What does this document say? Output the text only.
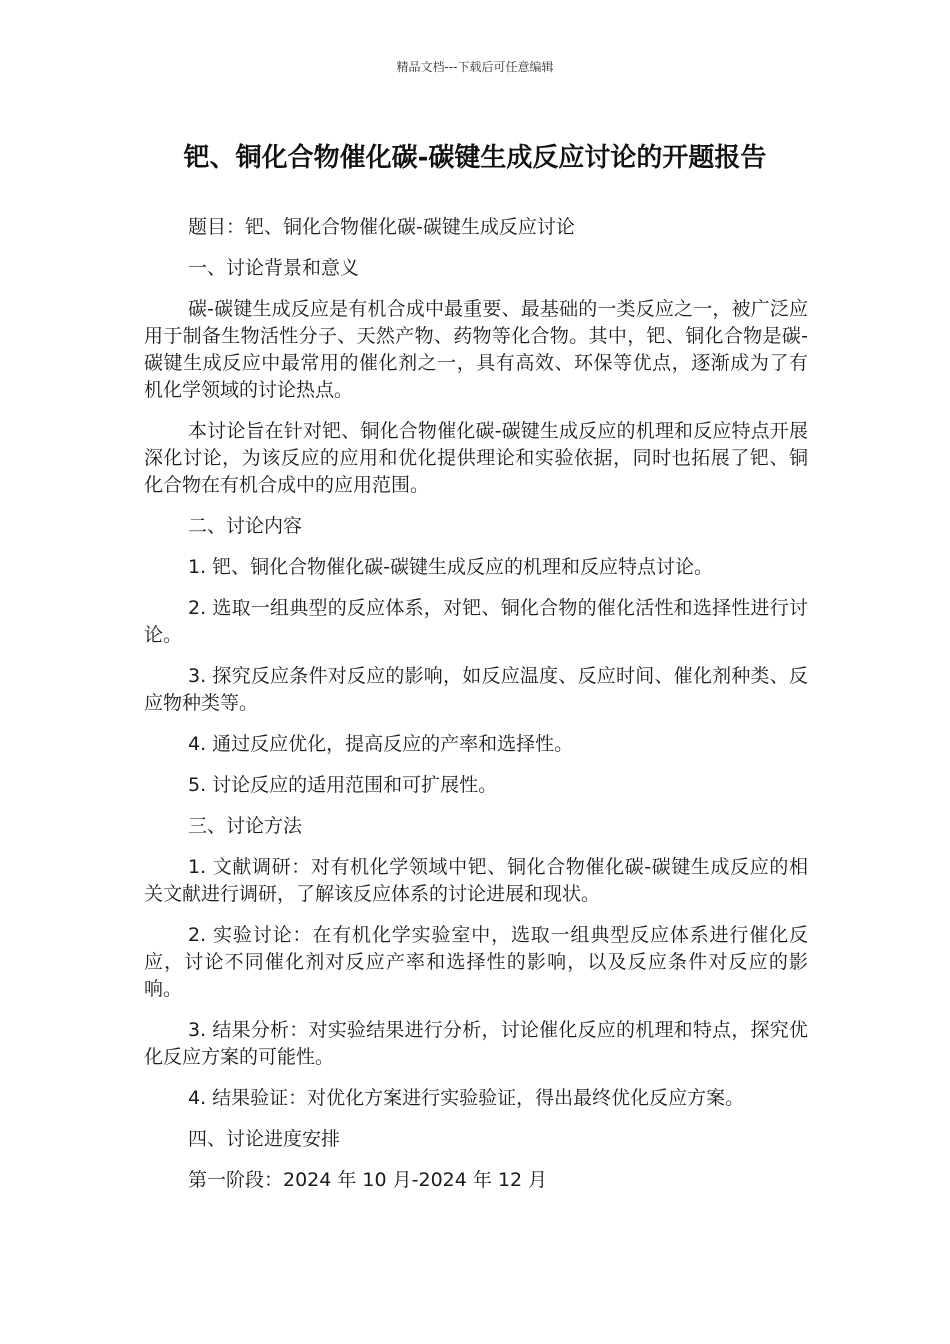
精品文档---下载后可任意编辑
钯、铜化合物催化碳-碳键生成反应讨论的开题报告

题目：钯、铜化合物催化碳-碳键生成反应讨论

一、讨论背景和意义

碳-碳键生成反应是有机合成中最重要、最基础的一类反应之一，被广泛应用于制备生物活性分子、天然产物、药物等化合物。其中，钯、铜化合物是碳-碳键生成反应中最常用的催化剂之一，具有高效、环保等优点，逐渐成为了有机化学领域的讨论热点。

本讨论旨在针对钯、铜化合物催化碳-碳键生成反应的机理和反应特点开展深化讨论，为该反应的应用和优化提供理论和实验依据，同时也拓展了钯、铜化合物在有机合成中的应用范围。

二、讨论内容

1. 钯、铜化合物催化碳-碳键生成反应的机理和反应特点讨论。

2. 选取一组典型的反应体系，对钯、铜化合物的催化活性和选择性进行讨论。

3. 探究反应条件对反应的影响，如反应温度、反应时间、催化剂种类、反应物种类等。

4. 通过反应优化，提高反应的产率和选择性。

5. 讨论反应的适用范围和可扩展性。

三、讨论方法

1. 文献调研：对有机化学领域中钯、铜化合物催化碳-碳键生成反应的相关文献进行调研，了解该反应体系的讨论进展和现状。

2. 实验讨论：在有机化学实验室中，选取一组典型反应体系进行催化反应，讨论不同催化剂对反应产率和选择性的影响，以及反应条件对反应的影响。

3. 结果分析：对实验结果进行分析，讨论催化反应的机理和特点，探究优化反应方案的可能性。

4. 结果验证：对优化方案进行实验验证，得出最终优化反应方案。

四、讨论进度安排

第一阶段：2024 年 10 月-2024 年 12 月
